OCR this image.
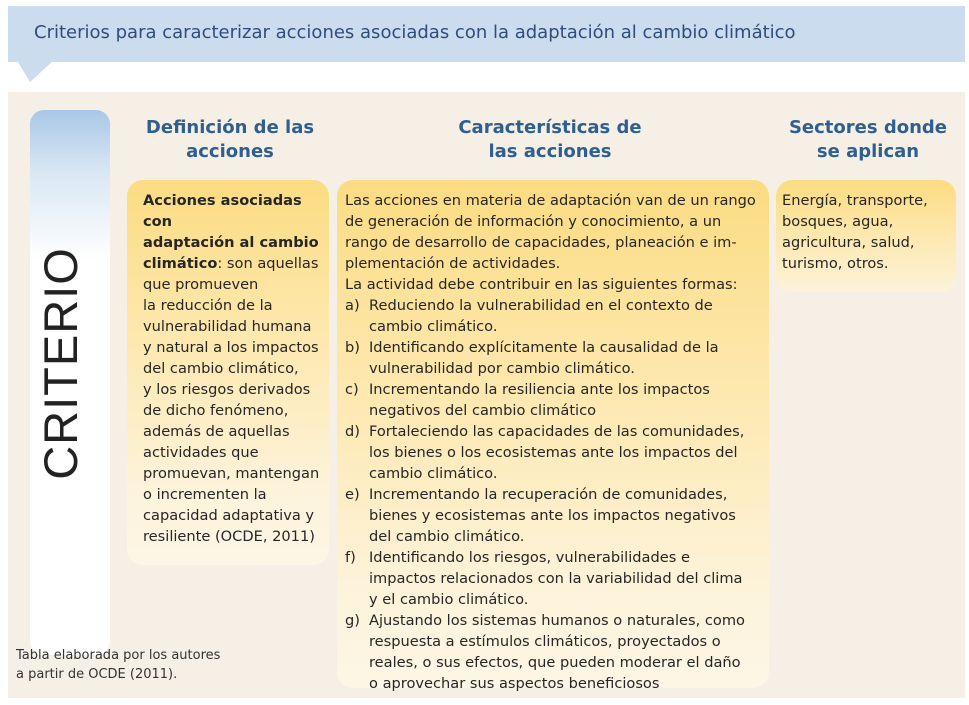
Criterios para caracterizar acciones asociadas con la adaptación al cambio climático
CRITERIO
Definición de las
acciones
Características de
las acciones
Sectores donde
se aplican
Acciones asociadas con
adaptación al cambio
climático: son aquellas
que promueven
la reducción de la
vulnerabilidad humana
y natural a los impactos
del cambio climático,
y los riesgos derivados
de dicho fenómeno,
además de aquellas
actividades que
promuevan, mantengan
o incrementen la
capacidad adaptativa y
resiliente (OCDE, 2011)
Las acciones en materia de adaptación van de un rango
de generación de información y conocimiento, a un
rango de desarrollo de capacidades, planeación e im-
plementación de actividades.
La actividad debe contribuir en las siguientes formas:
a) Reduciendo la vulnerabilidad en el contexto de
cambio climático.
b) Identificando explícitamente la causalidad de la
vulnerabilidad por cambio climático.
c) Incrementando la resiliencia ante los impactos
negativos del cambio climático
d) Fortaleciendo las capacidades de las comunidades,
los bienes o los ecosistemas ante los impactos del
cambio climático.
e) Incrementando la recuperación de comunidades,
bienes y ecosistemas ante los impactos negativos
del cambio climático.
f) Identificando los riesgos, vulnerabilidades e
impactos relacionados con la variabilidad del clima
y el cambio climático.
g) Ajustando los sistemas humanos o naturales, como
respuesta a estímulos climáticos, proyectados o
reales, o sus efectos, que pueden moderar el daño
o aprovechar sus aspectos beneficiosos
Energía, transporte,
bosques, agua,
agricultura, salud,
turismo, otros.
Tabla elaborada por los autores
a partir de OCDE (2011).
